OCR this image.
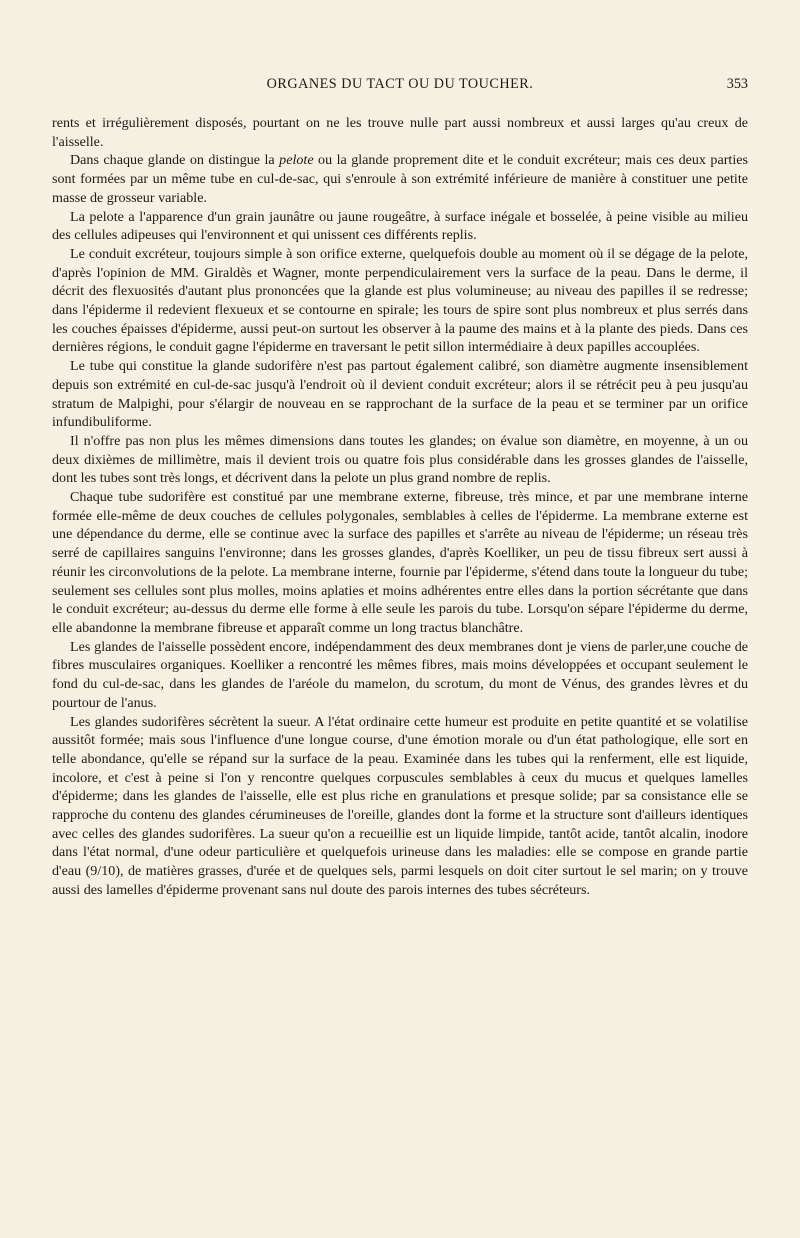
ORGANES DU TACT OU DU TOUCHER.	353

rents et irrégulièrement disposés, pourtant on ne les trouve nulle part aussi nombreux et aussi larges qu'au creux de l'aisselle.

Dans chaque glande on distingue la pelote ou la glande proprement dite et le conduit excréteur; mais ces deux parties sont formées par un même tube en cul-de-sac, qui s'enroule à son extrémité inférieure de manière à constituer une petite masse de grosseur variable.

La pelote a l'apparence d'un grain jaunâtre ou jaune rougeâtre, à surface inégale et bosselée, à peine visible au milieu des cellules adipeuses qui l'environnent et qui unissent ces différents replis.

Le conduit excréteur, toujours simple à son orifice externe, quelquefois double au moment où il se dégage de la pelote, d'après l'opinion de MM. Giraldès et Wagner, monte perpendiculairement vers la surface de la peau. Dans le derme, il décrit des flexuosités d'autant plus prononcées que la glande est plus volumineuse; au niveau des papilles il se redresse; dans l'épiderme il redevient flexueux et se contourne en spirale; les tours de spire sont plus nombreux et plus serrés dans les couches épaisses d'épiderme, aussi peut-on surtout les observer à la paume des mains et à la plante des pieds. Dans ces dernières régions, le conduit gagne l'épiderme en traversant le petit sillon intermédiaire à deux papilles accouplées.

Le tube qui constitue la glande sudorifère n'est pas partout également calibré, son diamètre augmente insensiblement depuis son extrémité en cul-de-sac jusqu'à l'endroit où il devient conduit excréteur; alors il se rétrécit peu à peu jusqu'au stratum de Malpighi, pour s'élargir de nouveau en se rapprochant de la surface de la peau et se terminer par un orifice infundibuliforme.

Il n'offre pas non plus les mêmes dimensions dans toutes les glandes; on évalue son diamètre, en moyenne, à un ou deux dixièmes de millimètre, mais il devient trois ou quatre fois plus considérable dans les grosses glandes de l'aisselle, dont les tubes sont très longs, et décrivent dans la pelote un plus grand nombre de replis.

Chaque tube sudorifère est constitué par une membrane externe, fibreuse, très mince, et par une membrane interne formée elle-même de deux couches de cellules polygonales, semblables à celles de l'épiderme. La membrane externe est une dépendance du derme, elle se continue avec la surface des papilles et s'arrête au niveau de l'épiderme; un réseau très serré de capillaires sanguins l'environne; dans les grosses glandes, d'après Koelliker, un peu de tissu fibreux sert aussi à réunir les circonvolutions de la pelote. La membrane interne, fournie par l'épiderme, s'étend dans toute la longueur du tube; seulement ses cellules sont plus molles, moins aplaties et moins adhérentes entre elles dans la portion sécrétante que dans le conduit excréteur; au-dessus du derme elle forme à elle seule les parois du tube. Lorsqu'on sépare l'épiderme du derme, elle abandonne la membrane fibreuse et apparaît comme un long tractus blanchâtre.

Les glandes de l'aisselle possèdent encore, indépendamment des deux membranes dont je viens de parler,une couche de fibres musculaires organiques. Koelliker a rencontré les mêmes fibres, mais moins développées et occupant seulement le fond du cul-de-sac, dans les glandes de l'aréole du mamelon, du scrotum, du mont de Vénus, des grandes lèvres et du pourtour de l'anus.

Les glandes sudorifères sécrètent la sueur. A l'état ordinaire cette humeur est produite en petite quantité et se volatilise aussitôt formée; mais sous l'influence d'une longue course, d'une émotion morale ou d'un état pathologique, elle sort en telle abondance, qu'elle se répand sur la surface de la peau. Examinée dans les tubes qui la renferment, elle est liquide, incolore, et c'est à peine si l'on y rencontre quelques corpuscules semblables à ceux du mucus et quelques lamelles d'épiderme; dans les glandes de l'aisselle, elle est plus riche en granulations et presque solide; par sa consistance elle se rapproche du contenu des glandes cérumineuses de l'oreille, glandes dont la forme et la structure sont d'ailleurs identiques avec celles des glandes sudorifères. La sueur qu'on a recueillie est un liquide limpide, tantôt acide, tantôt alcalin, inodore dans l'état normal, d'une odeur particulière et quelquefois urineuse dans les maladies: elle se compose en grande partie d'eau (9/10), de matières grasses, d'urée et de quelques sels, parmi lesquels on doit citer surtout le sel marin; on y trouve aussi des lamelles d'épiderme provenant sans nul doute des parois internes des tubes sécréteurs.
